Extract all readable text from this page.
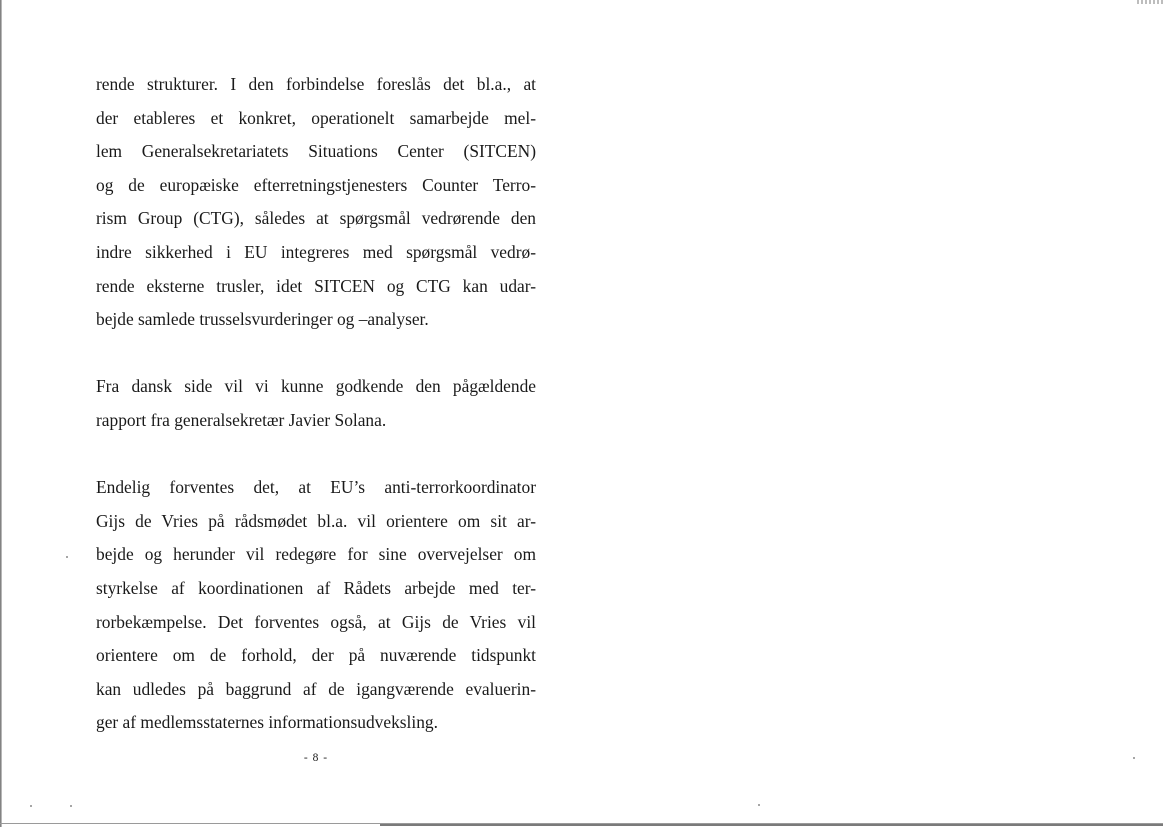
rende strukturer. I den forbindelse foreslås det bl.a., at

der etableres et konkret, operationelt samarbejde mel-

lem Generalsekretariatets Situations Center (SITCEN)

og de europæiske efterretningstjenesters Counter Terro-

rism Group (CTG), således at spørgsmål vedrørende den

indre sikkerhed i EU integreres med spørgsmål vedrø-

rende eksterne trusler, idet SITCEN og CTG kan udar-

bejde samlede trusselsvurderinger og –analyser.

Fra dansk side vil vi kunne godkende den pågældende

rapport fra generalsekretær Javier Solana.

Endelig forventes det, at EU’s anti-terrorkoordinator

Gijs de Vries på rådsmødet bl.a. vil orientere om sit ar-

bejde og herunder vil redegøre for sine overvejelser om

styrkelse af koordinationen af Rådets arbejde med ter-

rorbekæmpelse. Det forventes også, at Gijs de Vries vil

orientere om de forhold, der på nuværende tidspunkt

kan udledes på baggrund af de igangværende evaluerin-

ger af medlemsstaternes informationsudveksling.

- 8 -
